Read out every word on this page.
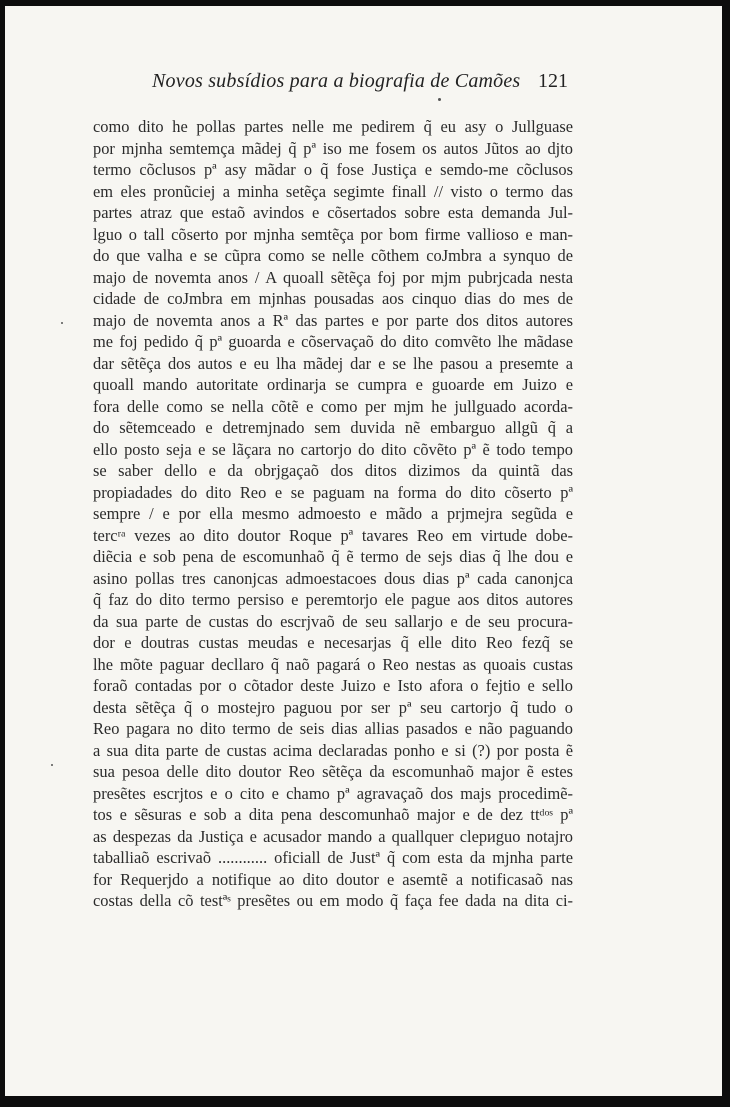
Novos subsídios para a biografia de Camões 121
como dito he pollas partes nelle me pedirem q̃ eu asy o Jullguase
por mjnha semtemça mãdej q̃ pª iso me fosem os autos Jũtos ao djto
termo cõclusos pª asy mãdar o q̃ fose Justiça e semdo-me cõclusos
em eles pronũciej a minha setẽça segimte finall // visto o termo das
partes atraz que estaõ avindos e cõsertados sobre esta demanda Jul-
lguo o tall cõserto por mjnha semtẽça por bom firme vallioso e man-
do que valha e se cũpra como se nelle cõthem coJmbra a synquo de
majo de novemta anos / A quoall sẽtẽça foj por mjm pubrjcada nesta
cidade de coJmbra em mjnhas pousadas aos cinquo dias do mes de
majo de novemta anos a Rª das partes e por parte dos ditos autores
me foj pedido q̃ pª guoarda e cõservaçaõ do dito comvẽto lhe mãdase
dar sẽtẽça dos autos e eu lha mãdej dar e se lhe pasou a presemte a
quoall mando autoritate ordinarja se cumpra e guoarde em Juizo e
fora delle como se nella cõtẽ e como per mjm he jullguado acorda-
do sẽtemceado e detremjnado sem duvida nẽ embarguo allgũ q̃ a
ello posto seja e se lãçara no cartorjo do dito cõvẽto pª ẽ todo tempo
se saber dello e da obrjgaçaõ dos ditos dizimos da quintã das
propiadades do dito Reo e se paguam na forma do dito cõserto pª
sempre / e por ella mesmo admoesto e mãdo a prjmejra segũda e
tercʳᵃ vezes ao dito doutor Roque pª tavares Reo em virtude dobe-
diẽcia e sob pena de escomunhaõ q̃ ẽ termo de sejs dias q̃ lhe dou e
asino pollas tres canonjcas admoestacoes dous dias pª cada canonjca
q̃ faz do dito termo persiso e peremtorjo ele pague aos ditos autores
da sua parte de custas do escrjvaõ de seu sallarjo e de seu procura-
dor e doutras custas meudas e necesarjas q̃ elle dito Reo fezq̃ se
lhe mõte paguar decllaro q̃ naõ pagará o Reo nestas as quoais custas
foraõ contadas por o cõtador deste Juizo e Isto afora o fejtio e sello
desta sẽtẽça q̃ o mostejro paguou por ser pª seu cartorjo q̃ tudo o
Reo pagara no dito termo de seis dias allias pasados e não paguando
a sua dita parte de custas acima declaradas ponho e si (?) por posta ẽ
sua pesoa delle dito doutor Reo sẽtẽça da escomunhaõ major ẽ estes
presẽtes escrjtos e o cito e chamo pª agravaçaõ dos majs procedimẽ-
tos e sẽsuras e sob a dita pena descomunhaõ major e de dez ttᵈᵒˢ pª
as despezas da Justiça e acusador mando a quallquer clериguo notajro
taballiaõ escrivaõ ............ oficiall de Justª q̃ com esta da mjnha parte
for Requerjdo a notifique ao dito doutor e asemtẽ a notificasaõ nas
costas della cõ testªˢ presẽtes ou em modo q̃ faça fee dada na dita ci-
